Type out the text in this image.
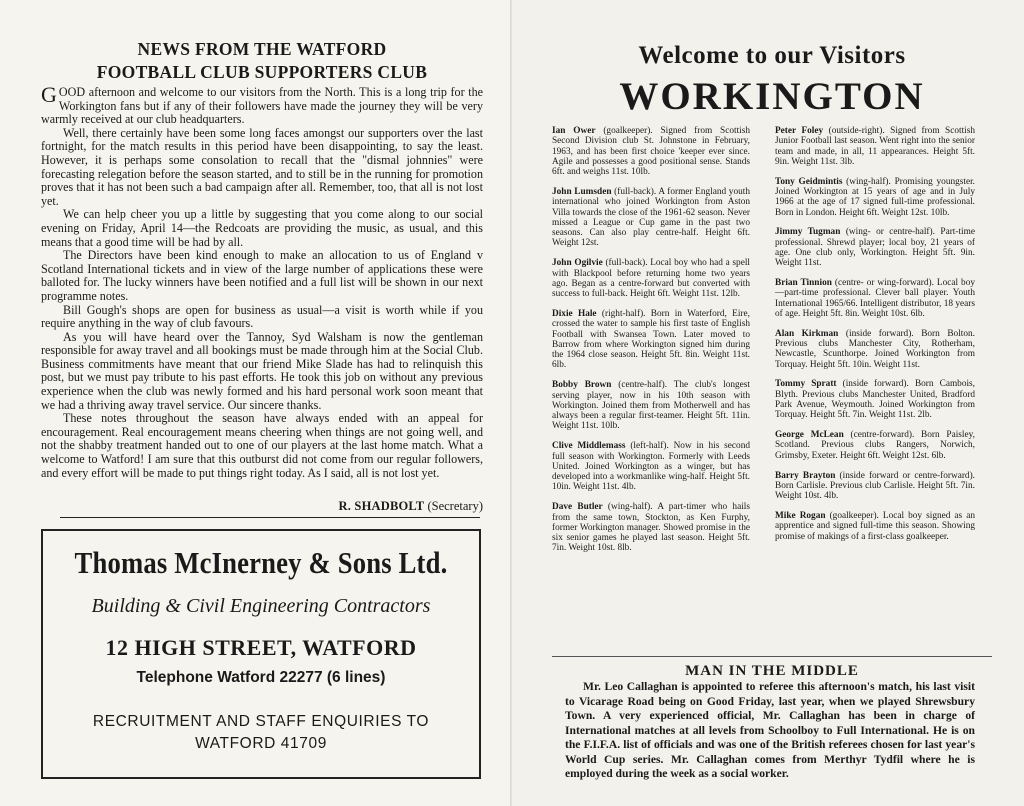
NEWS FROM THE WATFORD
FOOTBALL CLUB SUPPORTERS CLUB

GOOD afternoon and welcome to our visitors from the North. This is a long trip for the Workington fans but if any of their followers have made the journey they will be very warmly received at our club headquarters.

Well, there certainly have been some long faces amongst our supporters over the last fortnight, for the match results in this period have been disappointing, to say the least. However, it is perhaps some consolation to recall that the "dismal johnnies" were forecasting relegation before the season started, and to still be in the running for promotion proves that it has not been such a bad campaign after all. Remember, too, that all is not lost yet.

We can help cheer you up a little by suggesting that you come along to our social evening on Friday, April 14—the Redcoats are providing the music, as usual, and this means that a good time will be had by all.

The Directors have been kind enough to make an allocation to us of England v Scotland International tickets and in view of the large number of applications these were balloted for. The lucky winners have been notified and a full list will be shown in our next programme notes.

Bill Gough's shops are open for business as usual—a visit is worth while if you require anything in the way of club favours.

As you will have heard over the Tannoy, Syd Walsham is now the gentleman responsible for away travel and all bookings must be made through him at the Social Club. Business commitments have meant that our friend Mike Slade has had to relinquish this post, but we must pay tribute to his past efforts. He took this job on without any previous experience when the club was newly formed and his hard personal work soon meant that we had a thriving away travel service. Our sincere thanks.

These notes throughout the season have always ended with an appeal for encouragement. Real encouragement means cheering when things are not going well, and not the shabby treatment handed out to one of our players at the last home match. What a welcome to Watford! I am sure that this outburst did not come from our regular followers, and every effort will be made to put things right today. As I said, all is not lost yet.

R. SHADBOLT (Secretary)
Thomas McInerney & Sons Ltd.
Building & Civil Engineering Contractors
12 HIGH STREET, WATFORD
Telephone Watford 22277 (6 lines)
RECRUITMENT AND STAFF ENQUIRIES TO
WATFORD 41709
Welcome to our Visitors
WORKINGTON
Ian Ower (goalkeeper). Signed from Scottish Second Division club St. Johnstone in February, 1963, and has been first choice 'keeper ever since. Agile and possesses a good positional sense. Stands 6ft. and weighs 11st. 10lb.
John Lumsden (full-back). A former England youth international who joined Workington from Aston Villa towards the close of the 1961-62 season. Never missed a League or Cup game in the past two seasons. Can also play centre-half. Height 6ft. Weight 12st.
John Ogilvie (full-back). Local boy who had a spell with Blackpool before returning home two years ago. Began as a centre-forward but converted with success to full-back. Height 6ft. Weight 11st. 12lb.
Dixie Hale (right-half). Born in Waterford, Eire, crossed the water to sample his first taste of English Football with Swansea Town. Later moved to Barrow from where Workington signed him during the 1964 close season. Height 5ft. 8in. Weight 11st. 6lb.
Bobby Brown (centre-half). The club's longest serving player, now in his 10th season with Workington. Joined them from Motherwell and has always been a regular first-teamer. Height 5ft. 11in. Weight 11st. 10lb.
Clive Middlemass (left-half). Now in his second full season with Workington. Formerly with Leeds United. Joined Workington as a winger, but has developed into a workmanlike wing-half. Height 5ft. 10in. Weight 11st. 4lb.
Dave Butler (wing-half). A part-timer who hails from the same town, Stockton, as Ken Furphy, former Workington manager. Showed promise in the six senior games he played last season. Height 5ft. 7in. Weight 10st. 8lb.
Peter Foley (outside-right). Signed from Scottish Junior Football last season. Went right into the senior team and made, in all, 11 appearances. Height 5ft. 9in. Weight 11st. 3lb.
Tony Geidmintis (wing-half). Promising youngster. Joined Workington at 15 years of age and in July 1966 at the age of 17 signed full-time professional. Born in London. Height 6ft. Weight 12st. 10lb.
Jimmy Tugman (wing- or centre-half). Part-time professional. Shrewd player; local boy, 21 years of age. One club only, Workington. Height 5ft. 9in. Weight 11st.
Brian Tinnion (centre- or wing-forward). Local boy—part-time professional. Clever ball player. Youth International 1965/66. Intelligent distributor, 18 years of age. Height 5ft. 8in. Weight 10st. 6lb.
Alan Kirkman (inside forward). Born Bolton. Previous clubs Manchester City, Rotherham, Newcastle, Scunthorpe. Joined Workington from Torquay. Height 5ft. 10in. Weight 11st.
Tommy Spratt (inside forward). Born Cambois, Blyth. Previous clubs Manchester United, Bradford Park Avenue, Weymouth. Joined Workington from Torquay. Height 5ft. 7in. Weight 11st. 2lb.
George McLean (centre-forward). Born Paisley, Scotland. Previous clubs Rangers, Norwich, Grimsby, Exeter. Height 6ft. Weight 12st. 6lb.
Barry Brayton (inside forward or centre-forward). Born Carlisle. Previous club Carlisle. Height 5ft. 7in. Weight 10st. 4lb.
Mike Rogan (goalkeeper). Local boy signed as an apprentice and signed full-time this season. Showing promise of makings of a first-class goalkeeper.
MAN IN THE MIDDLE
Mr. Leo Callaghan is appointed to referee this afternoon's match, his last visit to Vicarage Road being on Good Friday, last year, when we played Shrewsbury Town. A very experienced official, Mr. Callaghan has been in charge of International matches at all levels from Schoolboy to Full International. He is on the F.I.F.A. list of officials and was one of the British referees chosen for last year's World Cup series. Mr. Callaghan comes from Merthyr Tydfil where he is employed during the week as a social worker.
